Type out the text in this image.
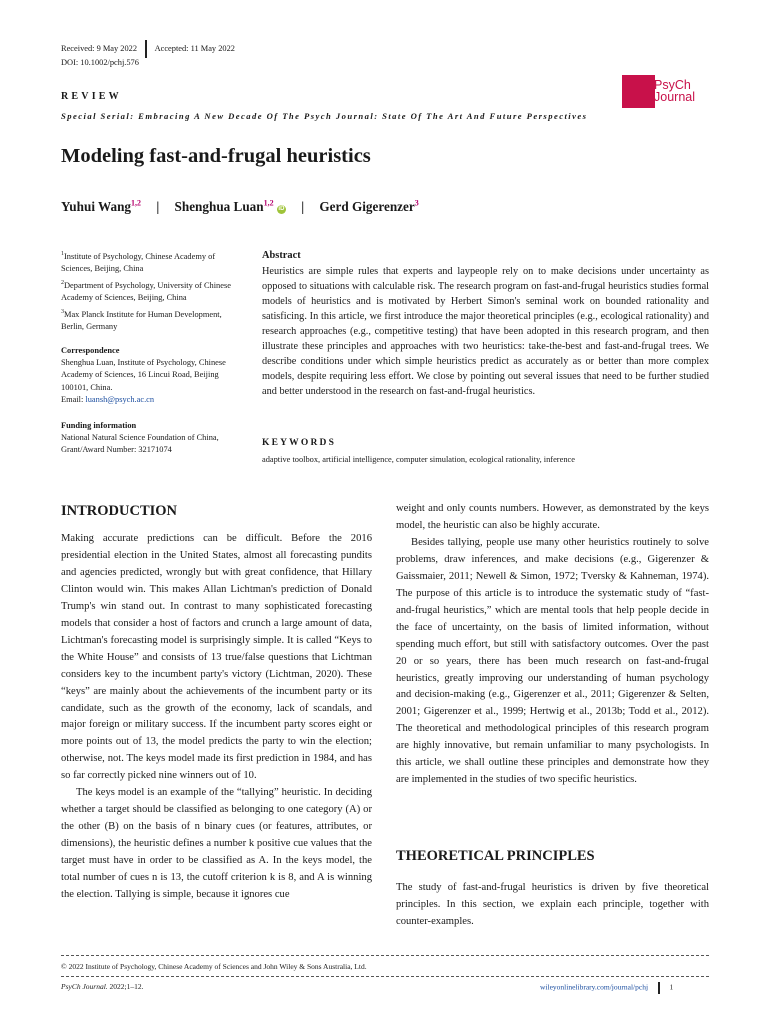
Received: 9 May 2022 Accepted: 11 May 2022
DOI: 10.1002/pchj.576
PsyCh
Journal
REVIEW
Special Serial: Embracing A New Decade Of The Psych Journal: State Of The Art And Future Perspectives
Modeling fast-and-frugal heuristics
Yuhui Wang$^{1,2}$ | Shenghua Luan$^{1,2}$ iD | Gerd Gigerenzer$^3$

$^1$Institute of Psychology, Chinese Academy of Sciences, Beijing, China

$^2$Department of Psychology, University of Chinese Academy of Sciences, Beijing, China

$^3$Max Planck Institute for Human Development, Berlin, Germany

Correspondence
Shenghua Luan, Institute of Psychology, Chinese Academy of Sciences, 16 Lincui Road, Beijing 100101, China.
Email: luansh@psych.ac.cn
Funding information
National Natural Science Foundation of China, Grant/Award Number: 32171074
Abstract
Heuristics are simple rules that experts and laypeople rely on to make decisions under uncertainty as opposed to situations with calculable risk. The research program on fast-and-frugal heuristics studies formal models of heuristics and is motivated by Herbert Simon's seminal work on bounded rationality and satisficing. In this article, we first introduce the major theoretical principles (e.g., ecological rationality) and research approaches (e.g., competitive testing) that have been adopted in this research program, and then illustrate these principles and approaches with two heuristics: take-the-best and fast-and-frugal trees. We describe conditions under which simple heuristics predict as accurately as or better than more complex models, despite requiring less effort. We close by pointing out several issues that need to be further studied and better understood in the research on fast-and-frugal heuristics.
KEYWORDS
adaptive toolbox, artificial intelligence, computer simulation, ecological rationality, inference
INTRODUCTION

Making accurate predictions can be difficult. Before the 2016 presidential election in the United States, almost all forecasting pundits and agencies predicted, wrongly but with great confidence, that Hillary Clinton would win. This makes Allan Lichtman's prediction of Donald Trump's win stand out. In contrast to many sophisticated forecasting models that consider a host of factors and crunch a large amount of data, Lichtman's forecasting model is surprisingly simple. It is called “Keys to the White House” and consists of 13 true/false questions that Lichtman considers key to the incumbent party's victory (Lichtman, 2020). These “keys” are mainly about the achievements of the incumbent party or its candidate, such as the growth of the economy, lack of scandals, and major foreign or military success. If the incumbent party scores eight or more points out of 13, the model predicts the party to win the election; otherwise, not. The keys model made its first prediction in 1984, and has so far correctly picked nine winners out of 10.

The keys model is an example of the “tallying” heuristic. In deciding whether a target should be classified as belonging to one category (A) or the other (B) on the basis of n binary cues (or features, attributes, or dimensions), the heuristic defines a number k positive cue values that the target must have in order to be classified as A. In the keys model, the total number of cues n is 13, the cutoff criterion k is 8, and A is winning the election. Tallying is simple, because it ignores cue

weight and only counts numbers. However, as demonstrated by the keys model, the heuristic can also be highly accurate.

Besides tallying, people use many other heuristics routinely to solve problems, draw inferences, and make decisions (e.g., Gigerenzer & Gaissmaier, 2011; Newell & Simon, 1972; Tversky & Kahneman, 1974). The purpose of this article is to introduce the systematic study of “fast-and-frugal heuristics,” which are mental tools that help people decide in the face of uncertainty, on the basis of limited information, without spending much effort, but still with satisfactory outcomes. Over the past 20 or so years, there has been much research on fast-and-frugal heuristics, greatly improving our understanding of human psychology and decision-making (e.g., Gigerenzer et al., 2011; Gigerenzer & Selten, 2001; Gigerenzer et al., 1999; Hertwig et al., 2013b; Todd et al., 2012). The theoretical and methodological principles of this research program are highly innovative, but remain unfamiliar to many psychologists. In this article, we shall outline these principles and demonstrate how they are implemented in the studies of two specific heuristics.

THEORETICAL PRINCIPLES

The study of fast-and-frugal heuristics is driven by five theoretical principles. In this section, we explain each principle, together with counter-examples.

© 2022 Institute of Psychology, Chinese Academy of Sciences and John Wiley & Sons Australia, Ltd.
PsyCh Journal. 2022;1–12.	wileyonlinelibrary.com/journal/pchj	1
